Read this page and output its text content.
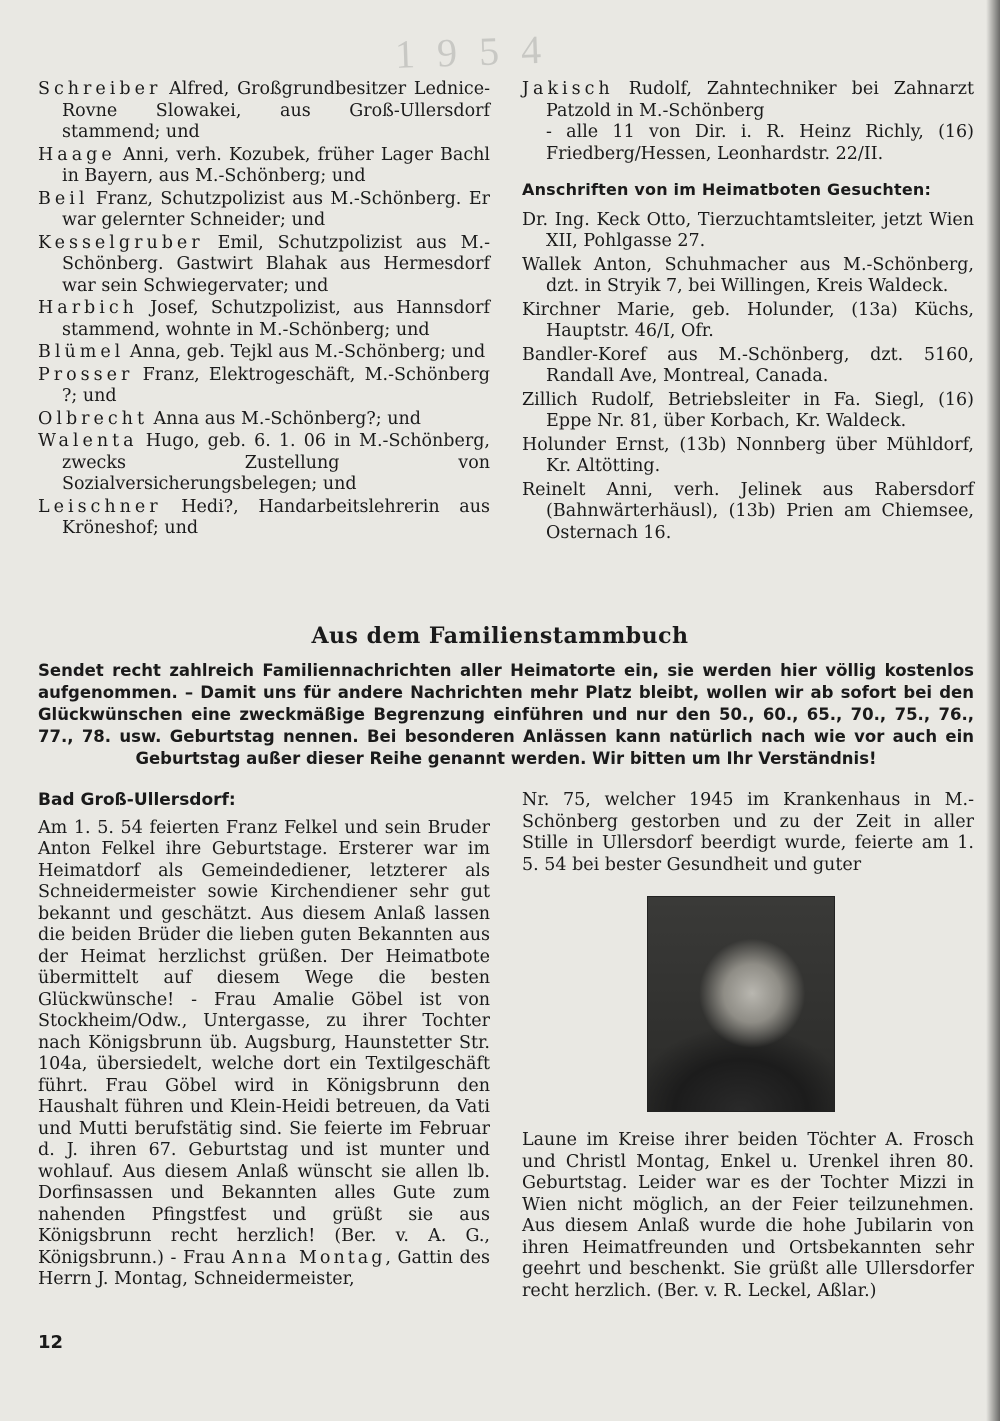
1954

Schreiber Alfred, Großgrundbesitzer Lednice-Rovne Slowakei, aus Groß-Ullersdorf stammend; und

Haage Anni, verh. Kozubek, früher Lager Bachl in Bayern, aus M.-Schönberg; und

Beil Franz, Schutzpolizist aus M.-Schönberg. Er war gelernter Schneider; und

Kesselgruber Emil, Schutzpolizist aus M.-Schönberg. Gastwirt Blahak aus Hermesdorf war sein Schwiegervater; und

Harbich Josef, Schutzpolizist, aus Hannsdorf stammend, wohnte in M.-Schönberg; und

Blümel Anna, geb. Tejkl aus M.-Schönberg; und

Prosser Franz, Elektrogeschäft, M.-Schönberg ?; und

Olbrecht Anna aus M.-Schönberg?; und

Walenta Hugo, geb. 6. 1. 06 in M.-Schönberg, zwecks Zustellung von Sozialversicherungsbelegen; und

Leischner Hedi?, Handarbeitslehrerin aus Kröneshof; und

Jakisch Rudolf, Zahntechniker bei Zahnarzt Patzold in M.-Schönberg
- alle 11 von Dir. i. R. Heinz Richly, (16) Friedberg/Hessen, Leonhardstr. 22/II.

Anschriften von im Heimatboten Gesuchten:

Dr. Ing. Keck Otto, Tierzuchtamtsleiter, jetzt Wien XII, Pohlgasse 27.

Wallek Anton, Schuhmacher aus M.-Schönberg, dzt. in Stryik 7, bei Willingen, Kreis Waldeck.

Kirchner Marie, geb. Holunder, (13a) Küchs, Hauptstr. 46/I, Ofr.

Bandler-Koref aus M.-Schönberg, dzt. 5160, Randall Ave, Montreal, Canada.

Zillich Rudolf, Betriebsleiter in Fa. Siegl, (16) Eppe Nr. 81, über Korbach, Kr. Waldeck.

Holunder Ernst, (13b) Nonnberg über Mühldorf, Kr. Altötting.

Reinelt Anni, verh. Jelinek aus Rabersdorf (Bahnwärterhäusl), (13b) Prien am Chiemsee, Osternach 16.

Aus dem Familienstammbuch
Sendet recht zahlreich Familiennachrichten aller Heimatorte ein, sie werden hier völlig kostenlos aufgenommen. – Damit uns für andere Nachrichten mehr Platz bleibt, wollen wir ab sofort bei den Glückwünschen eine zweckmäßige Begrenzung einführen und nur den 50., 60., 65., 70., 75., 76., 77., 78. usw. Geburtstag nennen. Bei besonderen Anlässen kann natürlich nach wie vor auch ein Geburtstag außer dieser Reihe genannt werden. Wir bitten um Ihr Verständnis!
Bad Groß-Ullersdorf:

Am 1. 5. 54 feierten Franz Felkel und sein Bruder Anton Felkel ihre Geburtstage. Ersterer war im Heimatdorf als Gemeindediener, letzterer als Schneidermeister sowie Kirchendiener sehr gut bekannt und geschätzt. Aus diesem Anlaß lassen die beiden Brüder die lieben guten Bekannten aus der Heimat herzlichst grüßen. Der Heimatbote übermittelt auf diesem Wege die besten Glückwünsche! - Frau Amalie Göbel ist von Stockheim/Odw., Untergasse, zu ihrer Tochter nach Königsbrunn üb. Augsburg, Haunstetter Str. 104a, übersiedelt, welche dort ein Textilgeschäft führt. Frau Göbel wird in Königsbrunn den Haushalt führen und Klein-Heidi betreuen, da Vati und Mutti berufstätig sind. Sie feierte im Februar d. J. ihren 67. Geburtstag und ist munter und wohlauf. Aus diesem Anlaß wünscht sie allen lb. Dorfinsassen und Bekannten alles Gute zum nahenden Pfingstfest und grüßt sie aus Königsbrunn recht herzlich! (Ber. v. A. G., Königsbrunn.) - Frau Anna Montag, Gattin des Herrn J. Montag, Schneidermeister,

Nr. 75, welcher 1945 im Krankenhaus in M.-Schönberg gestorben und zu der Zeit in aller Stille in Ullersdorf beerdigt wurde, feierte am 1. 5. 54 bei bester Gesundheit und guter

Laune im Kreise ihrer beiden Töchter A. Frosch und Christl Montag, Enkel u. Urenkel ihren 80. Geburtstag. Leider war es der Tochter Mizzi in Wien nicht möglich, an der Feier teilzunehmen. Aus diesem Anlaß wurde die hohe Jubilarin von ihren Heimatfreunden und Ortsbekannten sehr geehrt und beschenkt. Sie grüßt alle Ullersdorfer recht herzlich. (Ber. v. R. Leckel, Aßlar.)

12
